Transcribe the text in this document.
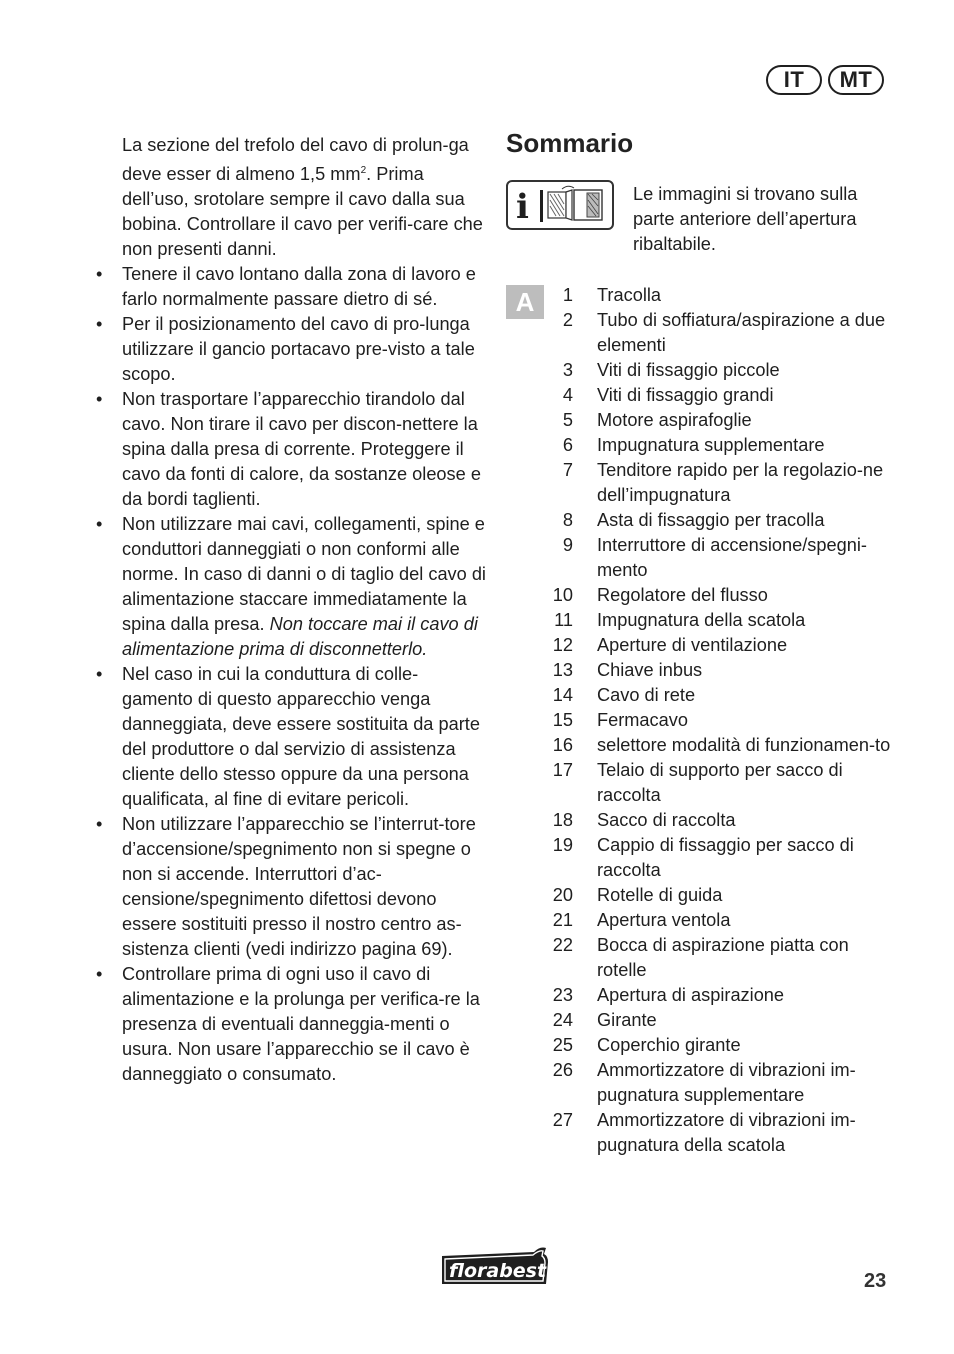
IT	MT

La sezione del trefolo del cavo di prolun-ga deve esser di almeno 1,5 $mm^2$. Prima dell’uso, srotolare sempre il cavo dalla sua bobina. Controllare il cavo per verifi-care che non presenti danni.

• Tenere il cavo lontano dalla zona di lavoro e farlo normalmente passare dietro di sé.
• Per il posizionamento del cavo di pro-lunga utilizzare il gancio portacavo pre-visto a tale scopo.
• Non trasportare l’apparecchio tirandolo dal cavo. Non tirare il cavo per discon-nettere la spina dalla presa di corrente. Proteggere il cavo da fonti di calore, da sostanze oleose e da bordi taglienti.
• Non utilizzare mai cavi, collegamenti, spine e conduttori danneggiati o non conformi alle norme. In caso di danni o di taglio del cavo di alimentazione staccare immediatamente la spina dalla presa. Non toccare mai il cavo di alimentazione prima di disconnetterlo.
• Nel caso in cui la conduttura di colle-gamento di questo apparecchio venga danneggiata, deve essere sostituita da parte del produttore o dal servizio di assistenza cliente dello stesso oppure da una persona qualificata, al fine di evitare pericoli.
• Non utilizzare l’apparecchio se l’interrut-tore d’accensione/spegnimento non si spegne o non si accende. Interruttori d’ac-censione/spegnimento difettosi devono essere sostituiti presso il nostro centro as-sistenza clienti (vedi indirizzo pagina 69).
• Controllare prima di ogni uso il cavo di alimentazione e la prolunga per verifica-re la presenza di eventuali danneggia-menti o usura. Non usare l’apparecchio se il cavo è danneggiato o consumato.
Sommario
i	Le immagini si trovano sulla parte anteriore dell’apertura ribaltabile.
A	1 Tracolla
2 Tubo di soffiatura/aspirazione a due elementi
3 Viti di fissaggio piccole
4 Viti di fissaggio grandi
5 Motore aspirafoglie
6 Impugnatura supplementare
7 Tenditore rapido per la regolazio-ne dell’impugnatura
8 Asta di fissaggio per tracolla
9 Interruttore di accensione/spegni-mento
10 Regolatore del flusso
11 Impugnatura della scatola
12 Aperture di ventilazione
13 Chiave inbus
14 Cavo di rete
15 Fermacavo
16 selettore modalità di funzionamen-to
17 Telaio di supporto per sacco di raccolta
18 Sacco di raccolta
19 Cappio di fissaggio per sacco di raccolta
20 Rotelle di guida
21 Apertura ventola
22 Bocca di aspirazione piatta con rotelle
23 Apertura di aspirazione
24 Girante
25 Coperchio girante
26 Ammortizzatore di vibrazioni im-pugnatura supplementare
27 Ammortizzatore di vibrazioni im-pugnatura della scatola
florabest	23
